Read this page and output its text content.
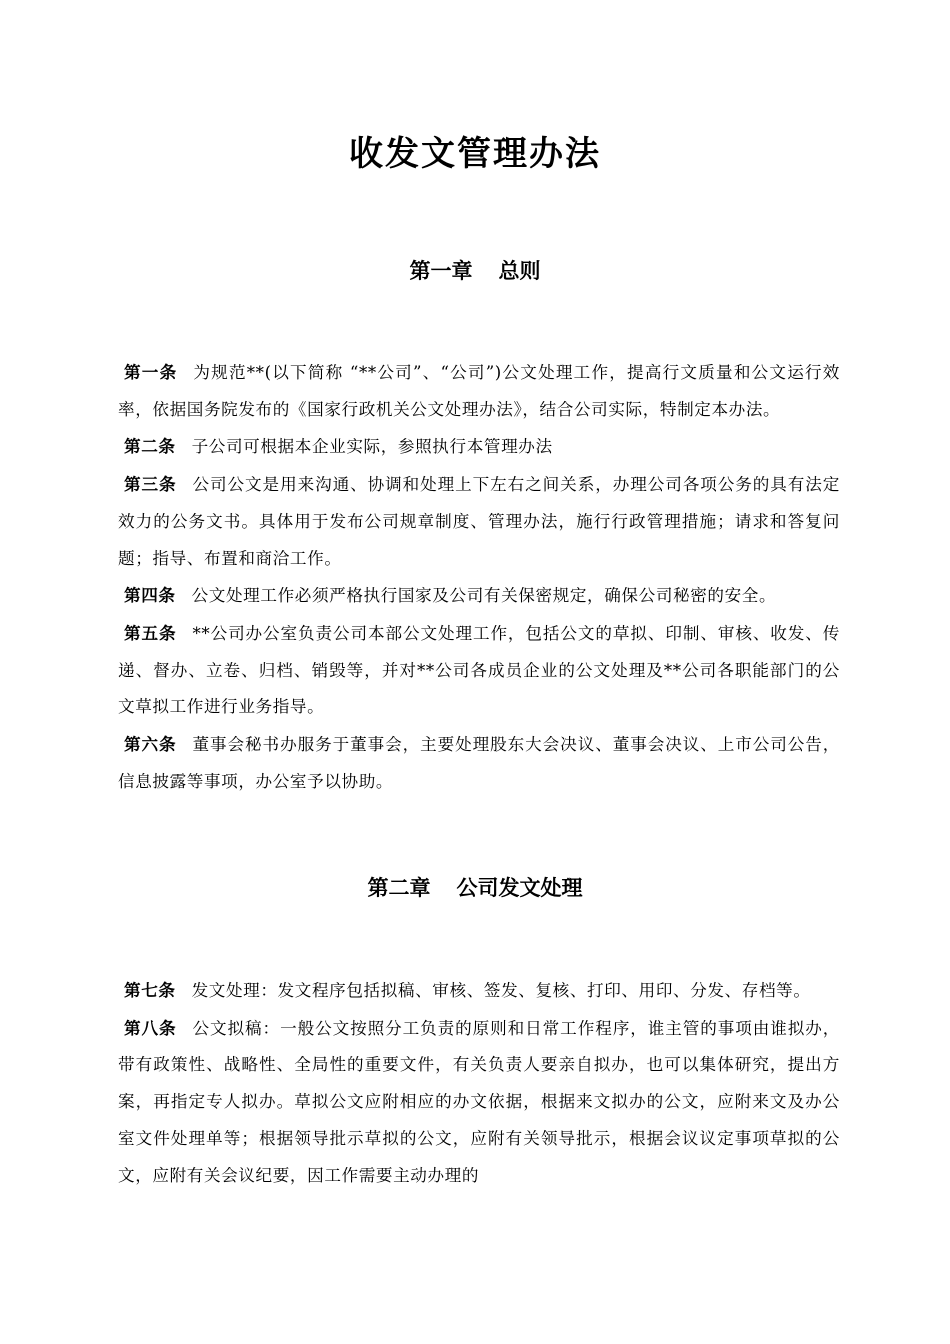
收发文管理办法
第一章 总则

第一条 为规范**(以下简称 “**公司”、“公司”)公文处理工作，提高行文质量和公文运行效率，依据国务院发布的《国家行政机关公文处理办法》，结合公司实际，特制定本办法。

第二条 子公司可根据本企业实际，参照执行本管理办法

第三条 公司公文是用来沟通、协调和处理上下左右之间关系，办理公司各项公务的具有法定效力的公务文书。具体用于发布公司规章制度、管理办法，施行行政管理措施；请求和答复问题；指导、布置和商洽工作。

第四条 公文处理工作必须严格执行国家及公司有关保密规定，确保公司秘密的安全。

第五条 **公司办公室负责公司本部公文处理工作，包括公文的草拟、印制、审核、收发、传递、督办、立卷、归档、销毁等，并对**公司各成员企业的公文处理及**公司各职能部门的公文草拟工作进行业务指导。

第六条 董事会秘书办服务于董事会，主要处理股东大会决议、董事会决议、上市公司公告，信息披露等事项，办公室予以协助。

第二章 公司发文处理

第七条 发文处理：发文程序包括拟稿、审核、签发、复核、打印、用印、分发、存档等。

第八条 公文拟稿：一般公文按照分工负责的原则和日常工作程序，谁主管的事项由谁拟办，带有政策性、战略性、全局性的重要文件，有关负责人要亲自拟办，也可以集体研究，提出方案，再指定专人拟办。草拟公文应附相应的办文依据，根据来文拟办的公文，应附来文及办公室文件处理单等；根据领导批示草拟的公文，应附有关领导批示，根据会议议定事项草拟的公文，应附有关会议纪要，因工作需要主动办理的
